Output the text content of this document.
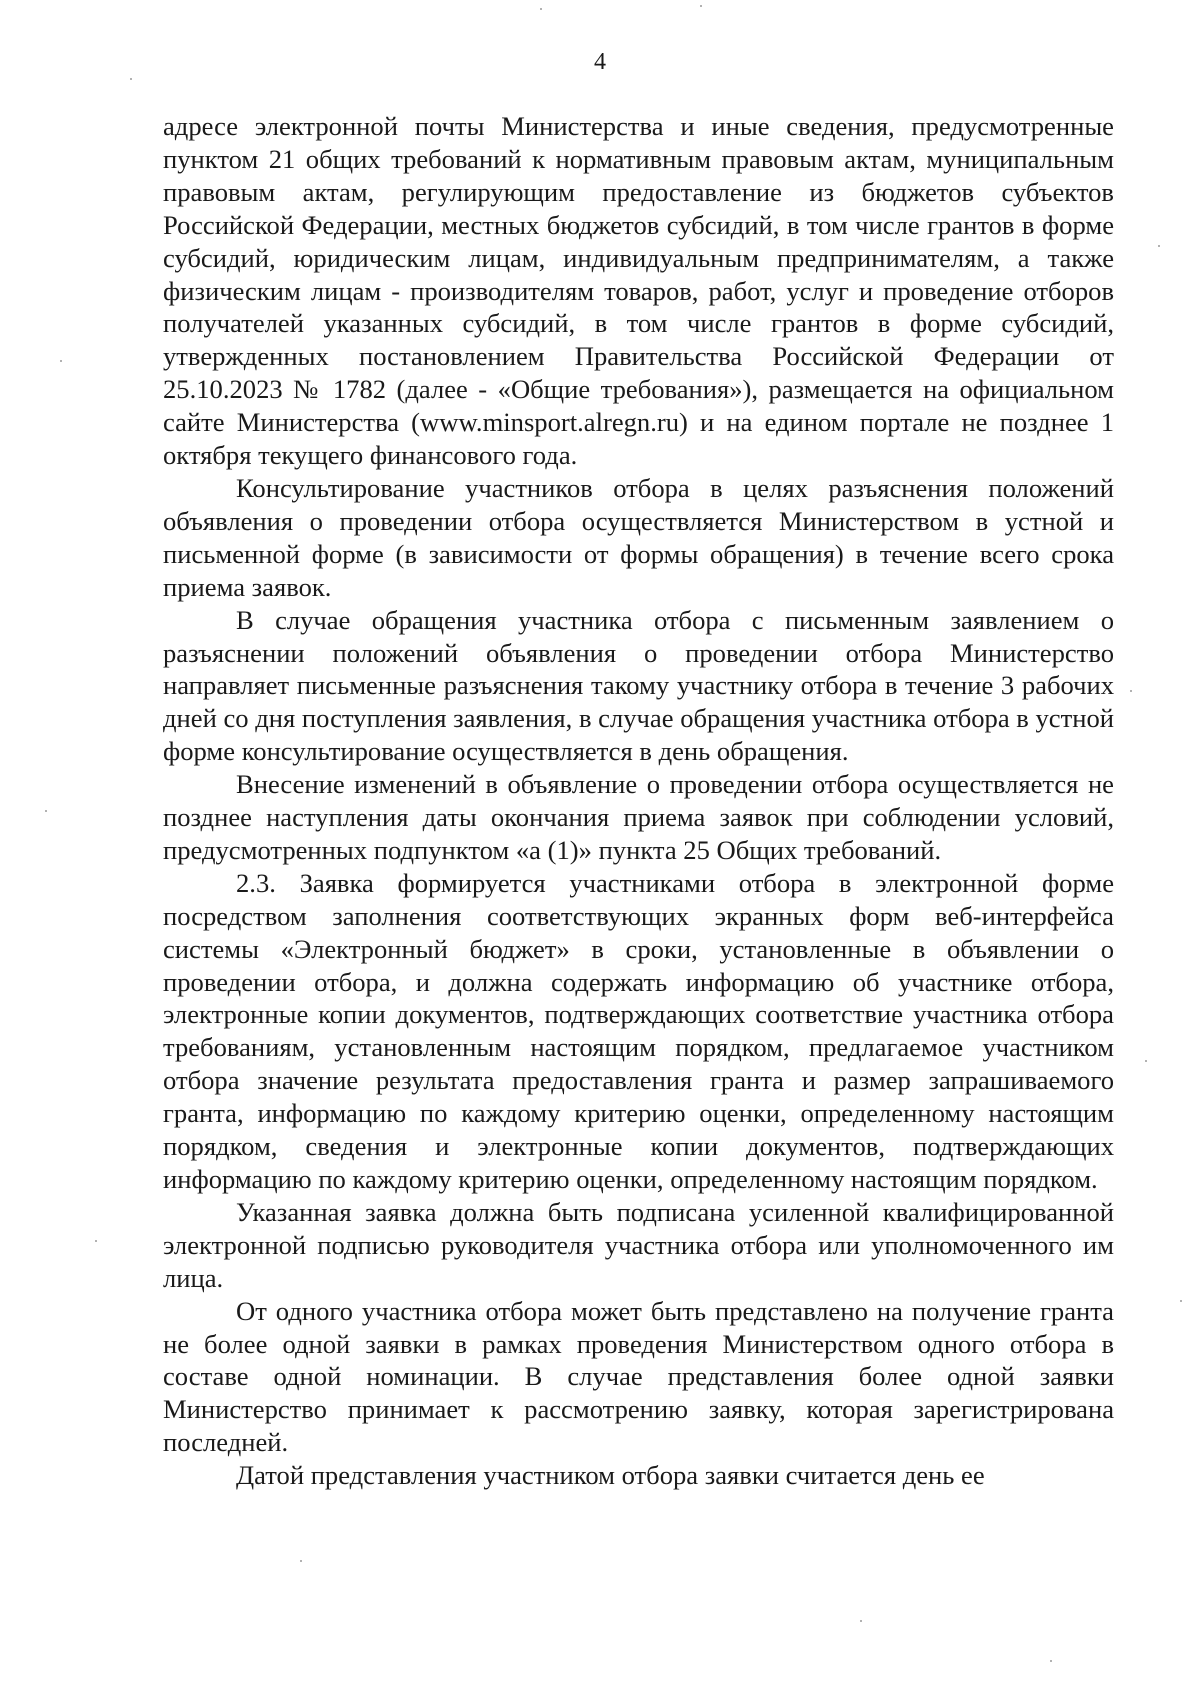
4

адресе электронной почты Министерства и иные сведения, предусмотренные пунктом 21 общих требований к нормативным правовым актам, муниципальным правовым актам, регулирующим предоставление из бюджетов субъектов Российской Федерации, местных бюджетов субсидий, в том числе грантов в форме субсидий, юридическим лицам, индивидуальным предпринимателям, а также физическим лицам - производителям товаров, работ, услуг и проведение отборов получателей указанных субсидий, в том числе грантов в форме субсидий, утвержденных постановлением Правительства Российской Федерации от 25.10.2023 № 1782 (далее - «Общие требования»), размещается на официальном сайте Министерства (www.minsport.alregn.ru) и на едином портале не позднее 1 октября текущего финансового года.

Консультирование участников отбора в целях разъяснения положений объявления о проведении отбора осуществляется Министерством в устной и письменной форме (в зависимости от формы обращения) в течение всего срока приема заявок.

В случае обращения участника отбора с письменным заявлением о разъяснении положений объявления о проведении отбора Министерство направляет письменные разъяснения такому участнику отбора в течение 3 рабочих дней со дня поступления заявления, в случае обращения участника отбора в устной форме консультирование осуществляется в день обращения.

Внесение изменений в объявление о проведении отбора осуществляется не позднее наступления даты окончания приема заявок при соблюдении условий, предусмотренных подпунктом «а (1)» пункта 25 Общих требований.

2.3. Заявка формируется участниками отбора в электронной форме посредством заполнения соответствующих экранных форм веб-интерфейса системы «Электронный бюджет» в сроки, установленные в объявлении о проведении отбора, и должна содержать информацию об участнике отбора, электронные копии документов, подтверждающих соответствие участника отбора требованиям, установленным настоящим порядком, предлагаемое участником отбора значение результата предоставления гранта и размер запрашиваемого гранта, информацию по каждому критерию оценки, определенному настоящим порядком, сведения и электронные копии документов, подтверждающих информацию по каждому критерию оценки, определенному настоящим порядком.

Указанная заявка должна быть подписана усиленной квалифицированной электронной подписью руководителя участника отбора или уполномоченного им лица.

От одного участника отбора может быть представлено на получение гранта не более одной заявки в рамках проведения Министерством одного отбора в составе одной номинации. В случае представления более одной заявки Министерство принимает к рассмотрению заявку, которая зарегистрирована последней.

Датой представления участником отбора заявки считается день ее
